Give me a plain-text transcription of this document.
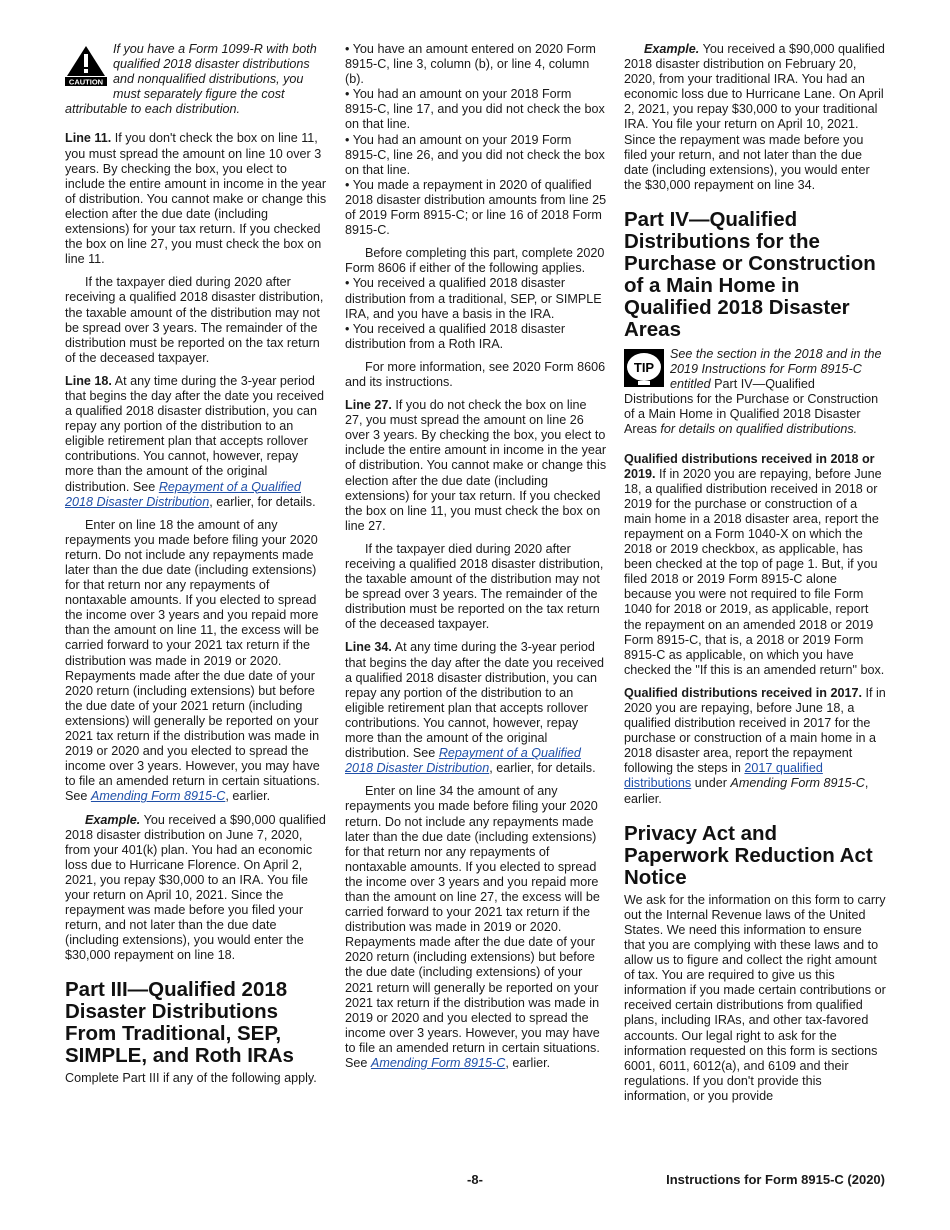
CAUTION
If you have a Form 1099-R with both qualified 2018 disaster distributions and nonqualified distributions, you must separately figure the cost attributable to each distribution.

Line 11. If you don't check the box on line 11, you must spread the amount on line 10 over 3 years. By checking the box, you elect to include the entire amount in income in the year of distribution. You cannot make or change this election after the due date (including extensions) for your tax return. If you checked the box on line 27, you must check the box on line 11.

If the taxpayer died during 2020 after receiving a qualified 2018 disaster distribution, the taxable amount of the distribution may not be spread over 3 years. The remainder of the distribution must be reported on the tax return of the deceased taxpayer.

Line 18. At any time during the 3-year period that begins the day after the date you received a qualified 2018 disaster distribution, you can repay any portion of the distribution to an eligible retirement plan that accepts rollover contributions. You cannot, however, repay more than the amount of the original distribution. See Repayment of a Qualified 2018 Disaster Distribution, earlier, for details.

Enter on line 18 the amount of any repayments you made before filing your 2020 return. Do not include any repayments made later than the due date (including extensions) for that return nor any repayments of nontaxable amounts. If you elected to spread the income over 3 years and you repaid more than the amount on line 11, the excess will be carried forward to your 2021 tax return if the distribution was made in 2019 or 2020. Repayments made after the due date of your 2020 return (including extensions) but before the due date of your 2021 return (including extensions) will generally be reported on your 2021 tax return if the distribution was made in 2019 or 2020 and you elected to spread the income over 3 years. However, you may have to file an amended return in certain situations. See Amending Form 8915-C, earlier.

Example. You received a $90,000 qualified 2018 disaster distribution on June 7, 2020, from your 401(k) plan. You had an economic loss due to Hurricane Florence. On April 2, 2021, you repay $30,000 to an IRA. You file your return on April 10, 2021. Since the repayment was made before you filed your return, and not later than the due date (including extensions), you would enter the $30,000 repayment on line 18.

Part III—Qualified 2018 Disaster Distributions From Traditional, SEP, SIMPLE, and Roth IRAs

Complete Part III if any of the following apply.

• You have an amount entered on 2020 Form 8915-C, line 3, column (b), or line 4, column (b).

• You had an amount on your 2018 Form 8915-C, line 17, and you did not check the box on that line.

• You had an amount on your 2019 Form 8915-C, line 26, and you did not check the box on that line.

• You made a repayment in 2020 of qualified 2018 disaster distribution amounts from line 25 of 2019 Form 8915-C; or line 16 of 2018 Form 8915-C.

Before completing this part, complete 2020 Form 8606 if either of the following applies.

• You received a qualified 2018 disaster distribution from a traditional, SEP, or SIMPLE IRA, and you have a basis in the IRA.

• You received a qualified 2018 disaster distribution from a Roth IRA.

For more information, see 2020 Form 8606 and its instructions.

Line 27. If you do not check the box on line 27, you must spread the amount on line 26 over 3 years. By checking the box, you elect to include the entire amount in income in the year of distribution. You cannot make or change this election after the due date (including extensions) for your tax return. If you checked the box on line 11, you must check the box on line 27.

If the taxpayer died during 2020 after receiving a qualified 2018 disaster distribution, the taxable amount of the distribution may not be spread over 3 years. The remainder of the distribution must be reported on the tax return of the deceased taxpayer.

Line 34. At any time during the 3-year period that begins the day after the date you received a qualified 2018 disaster distribution, you can repay any portion of the distribution to an eligible retirement plan that accepts rollover contributions. You cannot, however, repay more than the amount of the original distribution. See Repayment of a Qualified 2018 Disaster Distribution, earlier, for details.

Enter on line 34 the amount of any repayments you made before filing your 2020 return. Do not include any repayments made later than the due date (including extensions) for that return nor any repayments of nontaxable amounts. If you elected to spread the income over 3 years and you repaid more than the amount on line 27, the excess will be carried forward to your 2021 tax return if the distribution was made in 2019 or 2020. Repayments made after the due date of your 2020 return (including extensions) but before the due date (including extensions) of your 2021 return will generally be reported on your 2021 tax return if the distribution was made in 2019 or 2020 and you elected to spread the income over 3 years. However, you may have to file an amended return in certain situations. See Amending Form 8915-C, earlier.

Example. You received a $90,000 qualified 2018 disaster distribution on February 20, 2020, from your traditional IRA. You had an economic loss due to Hurricane Lane. On April 2, 2021, you repay $30,000 to your traditional IRA. You file your return on April 10, 2021. Since the repayment was made before you filed your return, and not later than the due date (including extensions), you would enter the $30,000 repayment on line 34.

Part IV—Qualified Distributions for the Purchase or Construction of a Main Home in Qualified 2018 Disaster Areas

TIP
See the section in the 2018 and in the 2019 Instructions for Form 8915-C entitled Part IV—Qualified Distributions for the Purchase or Construction of a Main Home in Qualified 2018 Disaster Areas for details on qualified distributions.

Qualified distributions received in 2018 or 2019. If in 2020 you are repaying, before June 18, a qualified distribution received in 2018 or 2019 for the purchase or construction of a main home in a 2018 disaster area, report the repayment on a Form 1040-X on which the 2018 or 2019 checkbox, as applicable, has been checked at the top of page 1. But, if you filed 2018 or 2019 Form 8915-C alone because you were not required to file Form 1040 for 2018 or 2019, as applicable, report the repayment on an amended 2018 or 2019 Form 8915-C, that is, a 2018 or 2019 Form 8915-C as applicable, on which you have checked the "If this is an amended return" box.

Qualified distributions received in 2017. If in 2020 you are repaying, before June 18, a qualified distribution received in 2017 for the purchase or construction of a main home in a 2018 disaster area, report the repayment following the steps in 2017 qualified distributions under Amending Form 8915-C, earlier.

Privacy Act and Paperwork Reduction Act Notice

We ask for the information on this form to carry out the Internal Revenue laws of the United States. We need this information to ensure that you are complying with these laws and to allow us to figure and collect the right amount of tax. You are required to give us this information if you made certain contributions or received certain distributions from qualified plans, including IRAs, and other tax-favored accounts. Our legal right to ask for the information requested on this form is sections 6001, 6011, 6012(a), and 6109 and their regulations. If you don't provide this information, or you provide

-8-	Instructions for Form 8915-C (2020)
